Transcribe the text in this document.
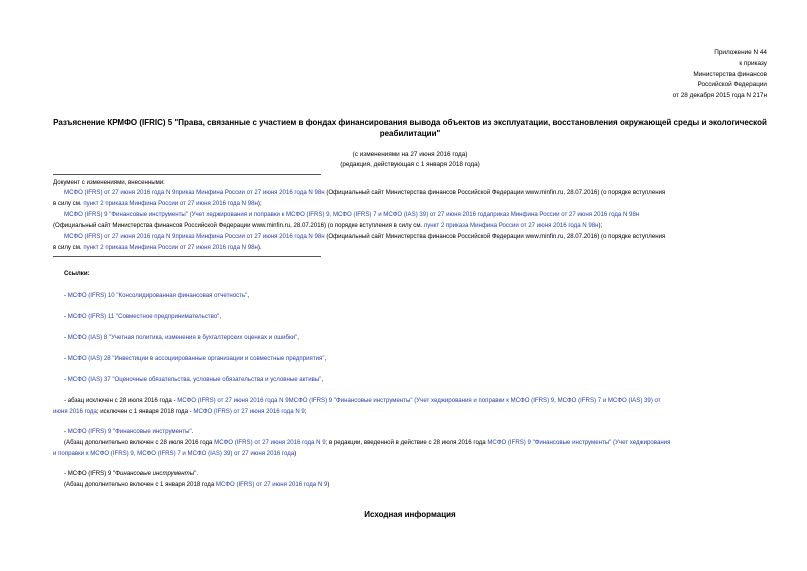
Приложение N 44
к приказу
Министерства финансов
Российской Федерации
от 28 декабря 2015 года N 217н
Разъяснение КРМФО (IFRIC) 5 "Права, связанные с участием в фондах финансирования вывода объектов из эксплуатации, восстановления окружающей среды и экологической реабилитации"
(с изменениями на 27 июня 2016 года)
(редакция, действующая с 1 января 2018 года)
Документ с изменениями, внесенными:
МСФО (IFRS) от 27 июня 2016 года N 9приказ Минфина России от 27 июня 2016 года N 98н (Официальный сайт Министерства финансов Российской Федерации www.minfin.ru, 28.07.2016) (о порядке вступления
в силу см. пункт 2 приказа Минфина России от 27 июня 2016 года N 98н);
МСФО (IFRS) 9 "Финансовые инструменты" (Учет хеджирования и поправки к МСФО (IFRS) 9, МСФО (IFRS) 7 и МСФО (IAS) 39) от 27 июня 2016 годаприказ Минфина России от 27 июня 2016 года N 98н
(Официальный сайт Министерства финансов Российской Федерации www.minfin.ru, 28.07.2016) (о порядке вступления в силу см. пункт 2 приказа Минфина России от 27 июня 2016 года N 98н);
МСФО (IFRS) от 27 июня 2016 года N 9приказ Минфина России от 27 июня 2016 года N 98н (Официальный сайт Министерства финансов Российской Федерации www.minfin.ru, 28.07.2016) (о порядке вступления
в силу см. пункт 2 приказа Минфина России от 27 июня 2016 года N 98н).
Ссылки:
- МСФО (IFRS) 10 "Консолидированная финансовая отчетность",
- МСФО (IFRS) 11 "Совместное предпринимательство",
- МСФО (IAS) 8 "Учетная политика, изменения в бухгалтерских оценках и ошибки",
- МСФО (IAS) 28 "Инвестиции в ассоциированные организации и совместные предприятия",
- МСФО (IAS) 37 "Оценочные обязательства, условные обязательства и условные активы",
- абзац исключен с 28 июля 2016 года - МСФО (IFRS) от 27 июня 2016 года N 9МСФО (IFRS) 9 "Финансовые инструменты" (Учет хеджирования и поправки к МСФО (IFRS) 9, МСФО (IFRS) 7 и МСФО (IAS) 39) от
июня 2016 года; исключен с 1 января 2018 года - МСФО (IFRS) от 27 июня 2016 года N 9;
- МСФО (IFRS) 9 "Финансовые инструменты".
(Абзац дополнительно включен с 28 июля 2016 года МСФО (IFRS) от 27 июня 2016 года N 9; в редакции, введенной в действие с 28 июля 2016 года МСФО (IFRS) 9 "Финансовые инструменты" (Учет хеджирования
и поправки к МСФО (IFRS) 9, МСФО (IFRS) 7 и МСФО (IAS) 39) от 27 июня 2016 года)
- МСФО (IFRS) 9 "Финансовые инструменты".
(Абзац дополнительно включен с 1 января 2018 года МСФО (IFRS) от 27 июня 2016 года N 9)
Исходная информация
